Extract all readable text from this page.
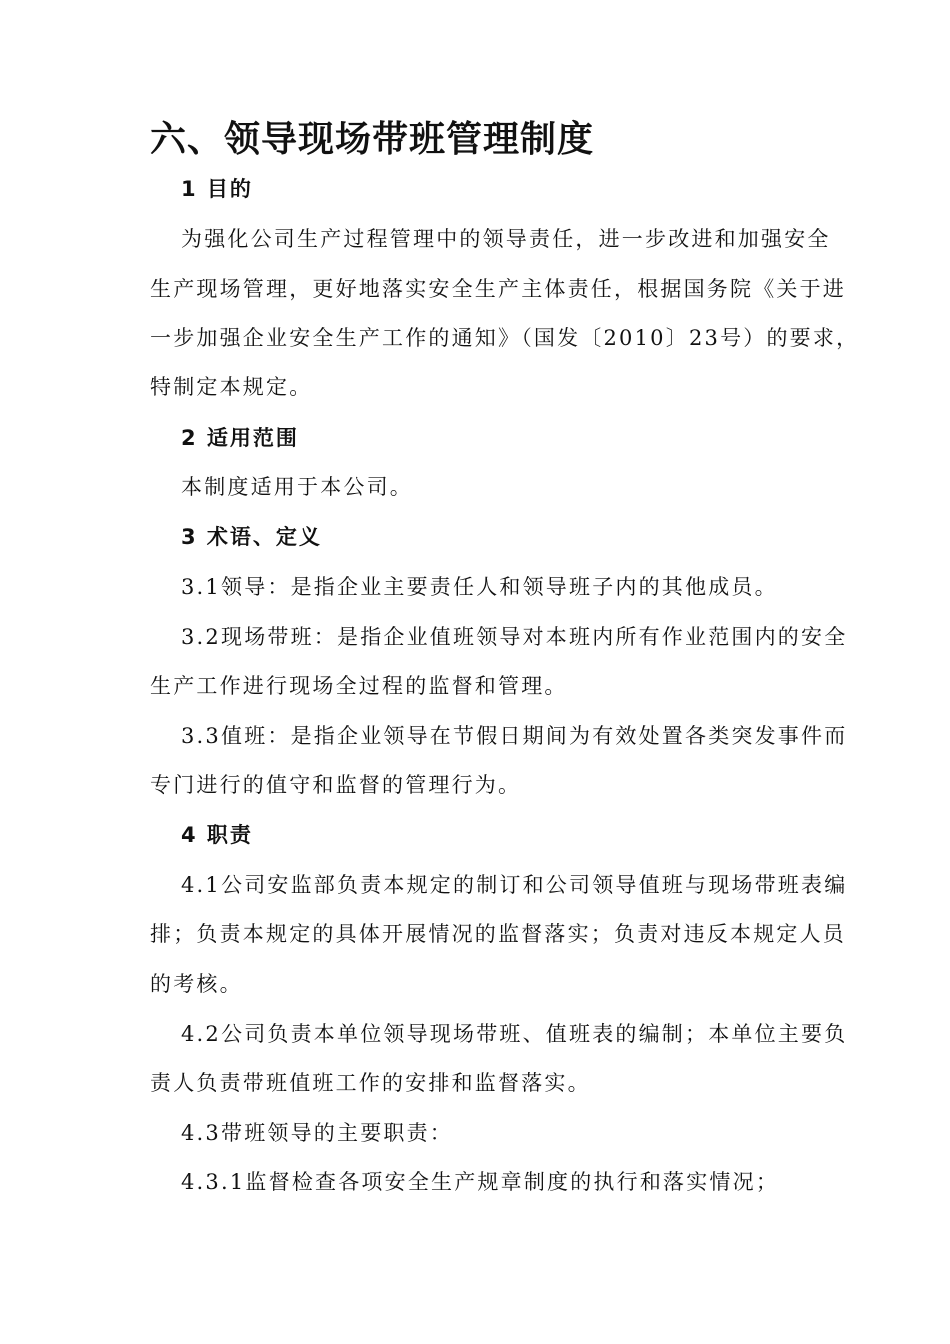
六、领导现场带班管理制度
1 目的
为强化公司生产过程管理中的领导责任，进一步改进和加强安全
生产现场管理，更好地落实安全生产主体责任，根据国务院《关于进
一步加强企业安全生产工作的通知》（国发〔2010〕23号）的要求，
特制定本规定。
2 适用范围
本制度适用于本公司。
3 术语、定义
3.1领导：是指企业主要责任人和领导班子内的其他成员。
3.2现场带班：是指企业值班领导对本班内所有作业范围内的安全
生产工作进行现场全过程的监督和管理。
3.3值班：是指企业领导在节假日期间为有效处置各类突发事件而
专门进行的值守和监督的管理行为。
4 职责
4.1公司安监部负责本规定的制订和公司领导值班与现场带班表编
排；负责本规定的具体开展情况的监督落实；负责对违反本规定人员
的考核。
4.2公司负责本单位领导现场带班、值班表的编制；本单位主要负
责人负责带班值班工作的安排和监督落实。
4.3带班领导的主要职责：
4.3.1监督检查各项安全生产规章制度的执行和落实情况；
